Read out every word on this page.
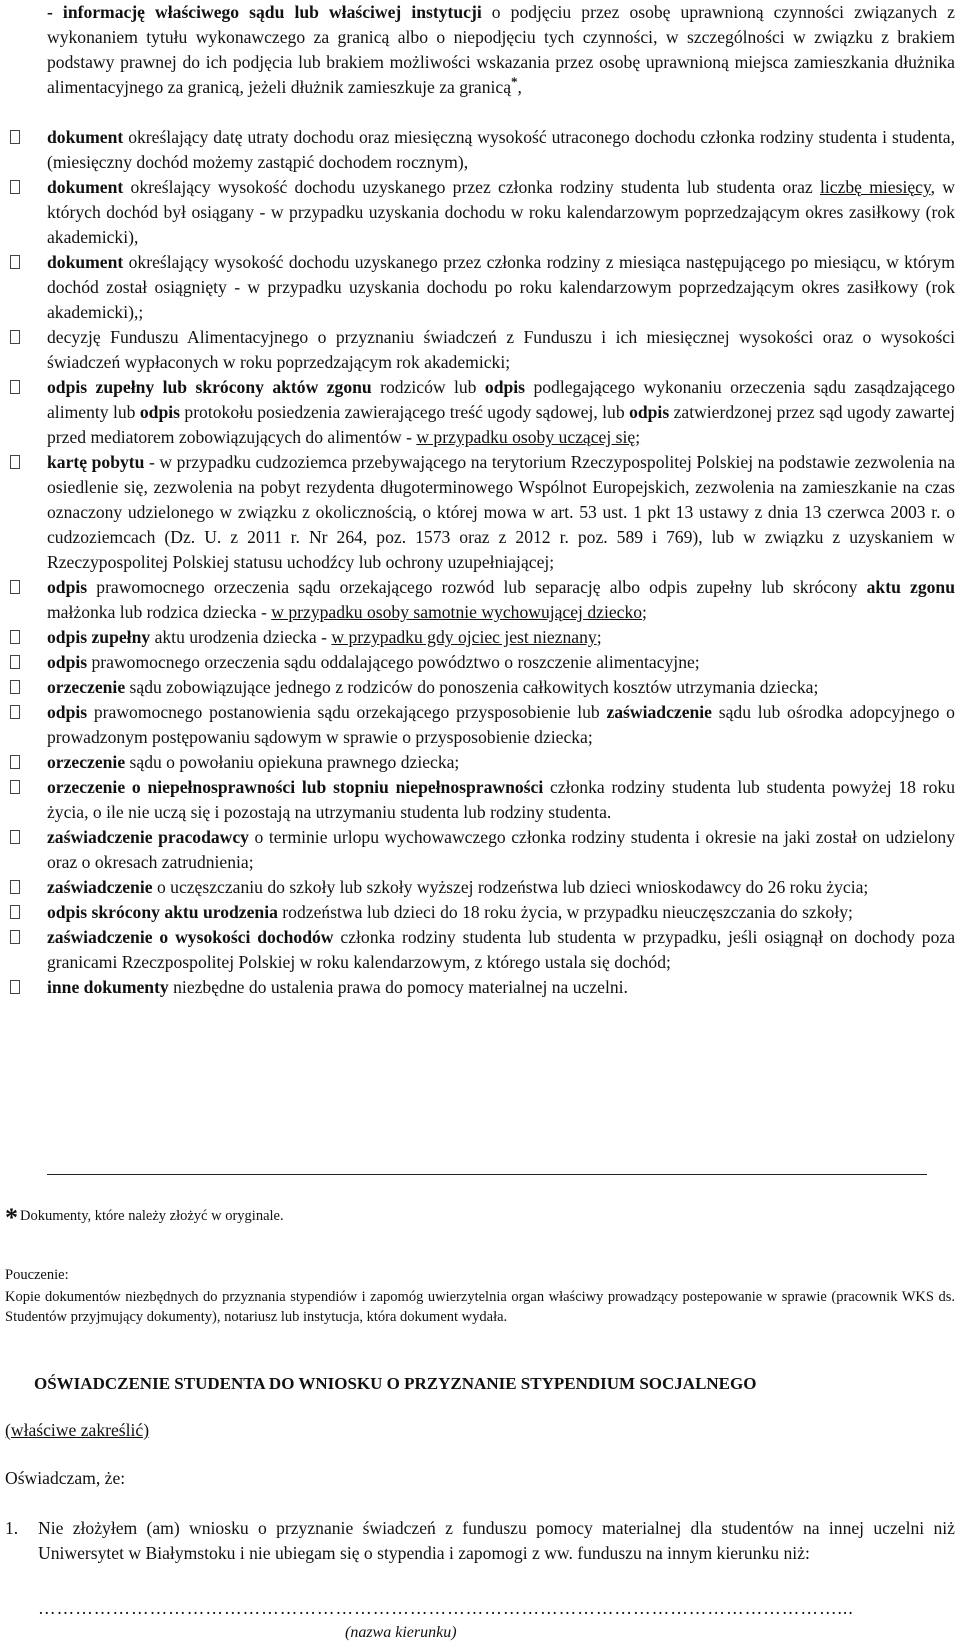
- informację właściwego sądu lub właściwej instytucji o podjęciu przez osobę uprawnioną czynności związanych z wykonaniem tytułu wykonawczego za granicą albo o niepodjęciu tych czynności, w szczególności w związku z brakiem podstawy prawnej do ich podjęcia lub brakiem możliwości wskazania przez osobę uprawnioną miejsca zamieszkania dłużnika alimentacyjnego za granicą, jeżeli dłużnik zamieszkuje za granicą*,
dokument określający datę utraty dochodu oraz miesięczną wysokość utraconego dochodu członka rodziny studenta i studenta, (miesięczny dochód możemy zastąpić dochodem rocznym),
dokument określający wysokość dochodu uzyskanego przez członka rodziny studenta lub studenta oraz liczbę miesięcy, w których dochód był osiągany - w przypadku uzyskania dochodu w roku kalendarzowym poprzedzającym okres zasiłkowy (rok akademicki),
dokument określający wysokość dochodu uzyskanego przez członka rodziny z miesiąca następującego po miesiącu, w którym dochód został osiągnięty - w przypadku uzyskania dochodu po roku kalendarzowym poprzedzającym okres zasiłkowy (rok akademicki),;
decyzję Funduszu Alimentacyjnego o przyznaniu świadczeń z Funduszu i ich miesięcznej wysokości oraz o wysokości świadczeń wypłaconych w roku poprzedzającym rok akademicki;
odpis zupełny lub skrócony aktów zgonu rodziców lub odpis podlegającego wykonaniu orzeczenia sądu zasądzającego alimenty lub odpis protokołu posiedzenia zawierającego treść ugody sądowej, lub odpis zatwierdzonej przez sąd ugody zawartej przed mediatorem zobowiązujących do alimentów - w przypadku osoby uczącej się;
kartę pobytu - w przypadku cudzoziemca przebywającego na terytorium Rzeczypospolitej Polskiej na podstawie zezwolenia na osiedlenie się, zezwolenia na pobyt rezydenta długoterminowego Wspólnot Europejskich, zezwolenia na zamieszkanie na czas oznaczony udzielonego w związku z okolicznością, o której mowa w art. 53 ust. 1 pkt 13 ustawy z dnia 13 czerwca 2003 r. o cudzoziemcach (Dz. U. z 2011 r. Nr 264, poz. 1573 oraz z 2012 r. poz. 589 i 769), lub w związku z uzyskaniem w Rzeczypospolitej Polskiej statusu uchodźcy lub ochrony uzupełniającej;
odpis prawomocnego orzeczenia sądu orzekającego rozwód lub separację albo odpis zupełny lub skrócony aktu zgonu małżonka lub rodzica dziecka - w przypadku osoby samotnie wychowującej dziecko;
odpis zupełny aktu urodzenia dziecka - w przypadku gdy ojciec jest nieznany;
odpis prawomocnego orzeczenia sądu oddalającego powództwo o roszczenie alimentacyjne;
orzeczenie sądu zobowiązujące jednego z rodziców do ponoszenia całkowitych kosztów utrzymania dziecka;
odpis prawomocnego postanowienia sądu orzekającego przysposobienie lub zaświadczenie sądu lub ośrodka adopcyjnego o prowadzonym postępowaniu sądowym w sprawie o przysposobienie dziecka;
orzeczenie sądu o powołaniu opiekuna prawnego dziecka;
orzeczenie o niepełnosprawności lub stopniu niepełnosprawności członka rodziny studenta lub studenta powyżej 18 roku życia, o ile nie uczą się i pozostają na utrzymaniu studenta lub rodziny studenta.
zaświadczenie pracodawcy o terminie urlopu wychowawczego członka rodziny studenta i okresie na jaki został on udzielony oraz o okresach zatrudnienia;
zaświadczenie o uczęszczaniu do szkoły lub szkoły wyższej rodzeństwa lub dzieci wnioskodawcy do 26 roku życia;
odpis skrócony aktu urodzenia rodzeństwa lub dzieci do 18 roku życia, w przypadku nieuczęszczania do szkoły;
zaświadczenie o wysokości dochodów członka rodziny studenta lub studenta w przypadku, jeśli osiągnął on dochody poza granicami Rzeczpospolitej Polskiej w roku kalendarzowym, z którego ustala się dochód;
inne dokumenty niezbędne do ustalenia prawa do pomocy materialnej na uczelni.
* Dokumenty, które należy złożyć w oryginale.
Pouczenie:
Kopie dokumentów niezbędnych do przyznania stypendiów i zapomóg uwierzytelnia organ właściwy prowadzący postepowanie w sprawie (pracownik WKS ds. Studentów przyjmujący dokumenty), notariusz lub instytucja, która dokument wydała.
OŚWIADCZENIE STUDENTA DO WNIOSKU O PRZYZNANIE STYPENDIUM SOCJALNEGO
(właściwe zakreślić)
Oświadczam, że:
1. Nie złożyłem (am) wniosku o przyznanie świadczeń z funduszu pomocy materialnej dla studentów na innej uczelni niż Uniwersytet w Białymstoku i nie ubiegam się o stypendia i zapomogi z ww. funduszu na innym kierunku niż:
…………………………………………………………………………………………………………………...
(nazwa kierunku)
